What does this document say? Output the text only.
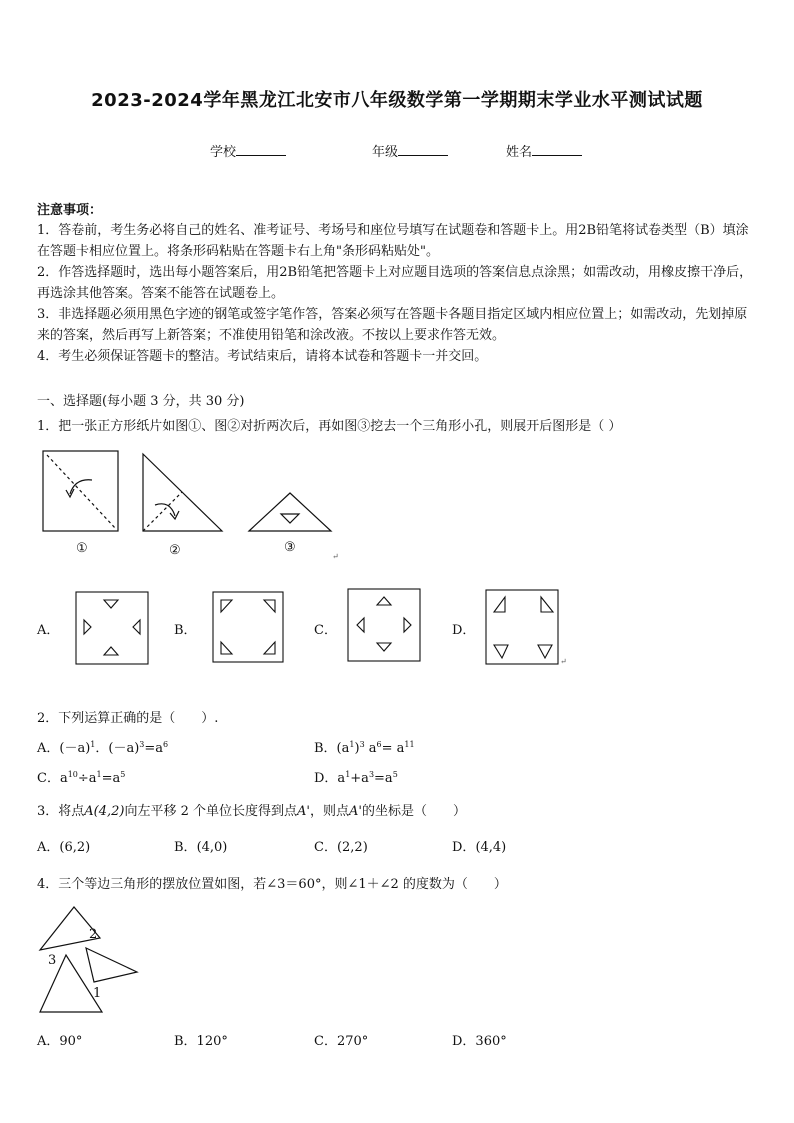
2023-2024学年黑龙江北安市八年级数学第一学期期末学业水平测试试题
学校	年级	姓名
注意事项：
1．答卷前，考生务必将自己的姓名、准考证号、考场号和座位号填写在试题卷和答题卡上。用2B铅笔将试卷类型（B）填涂在答题卡相应位置上。将条形码粘贴在答题卡右上角"条形码粘贴处"。
2．作答选择题时，选出每小题答案后，用2B铅笔把答题卡上对应题目选项的答案信息点涂黑；如需改动，用橡皮擦干净后，再选涂其他答案。答案不能答在试题卷上。
3．非选择题必须用黑色字迹的钢笔或签字笔作答，答案必须写在答题卡各题目指定区域内相应位置上；如需改动，先划掉原来的答案，然后再写上新答案；不准使用铅笔和涂改液。不按以上要求作答无效。
4．考生必须保证答题卡的整洁。考试结束后，请将本试卷和答题卡一并交回。
一、选择题(每小题 3 分，共 30 分)
1．把一张正方形纸片如图①、图②对折两次后，再如图③挖去一个三角形小孔，则展开后图形是（ ）
↵
↵
①	②	③
A．	B．	C．	D．
2．下列运算正确的是（　　）.
A．$(-a)^1$．$(-a)^3=a^6$	B．$(a^1)^3$ $a^6= a^{11}$
C．$a^{10}\div a^1=a^5$	D．$a^1+a^3=a^5$
3．将点A(4,2)向左平移 2 个单位长度得到点A'，则点A'的坐标是（　　）
A．(6,2)	B．(4,0)	C．(2,2)	D．(4,4)
4．三个等边三角形的摆放位置如图，若∠3＝60°，则∠1＋∠2 的度数为（　　）
2
3
1
A．90°	B．120°	C．270°	D．360°
